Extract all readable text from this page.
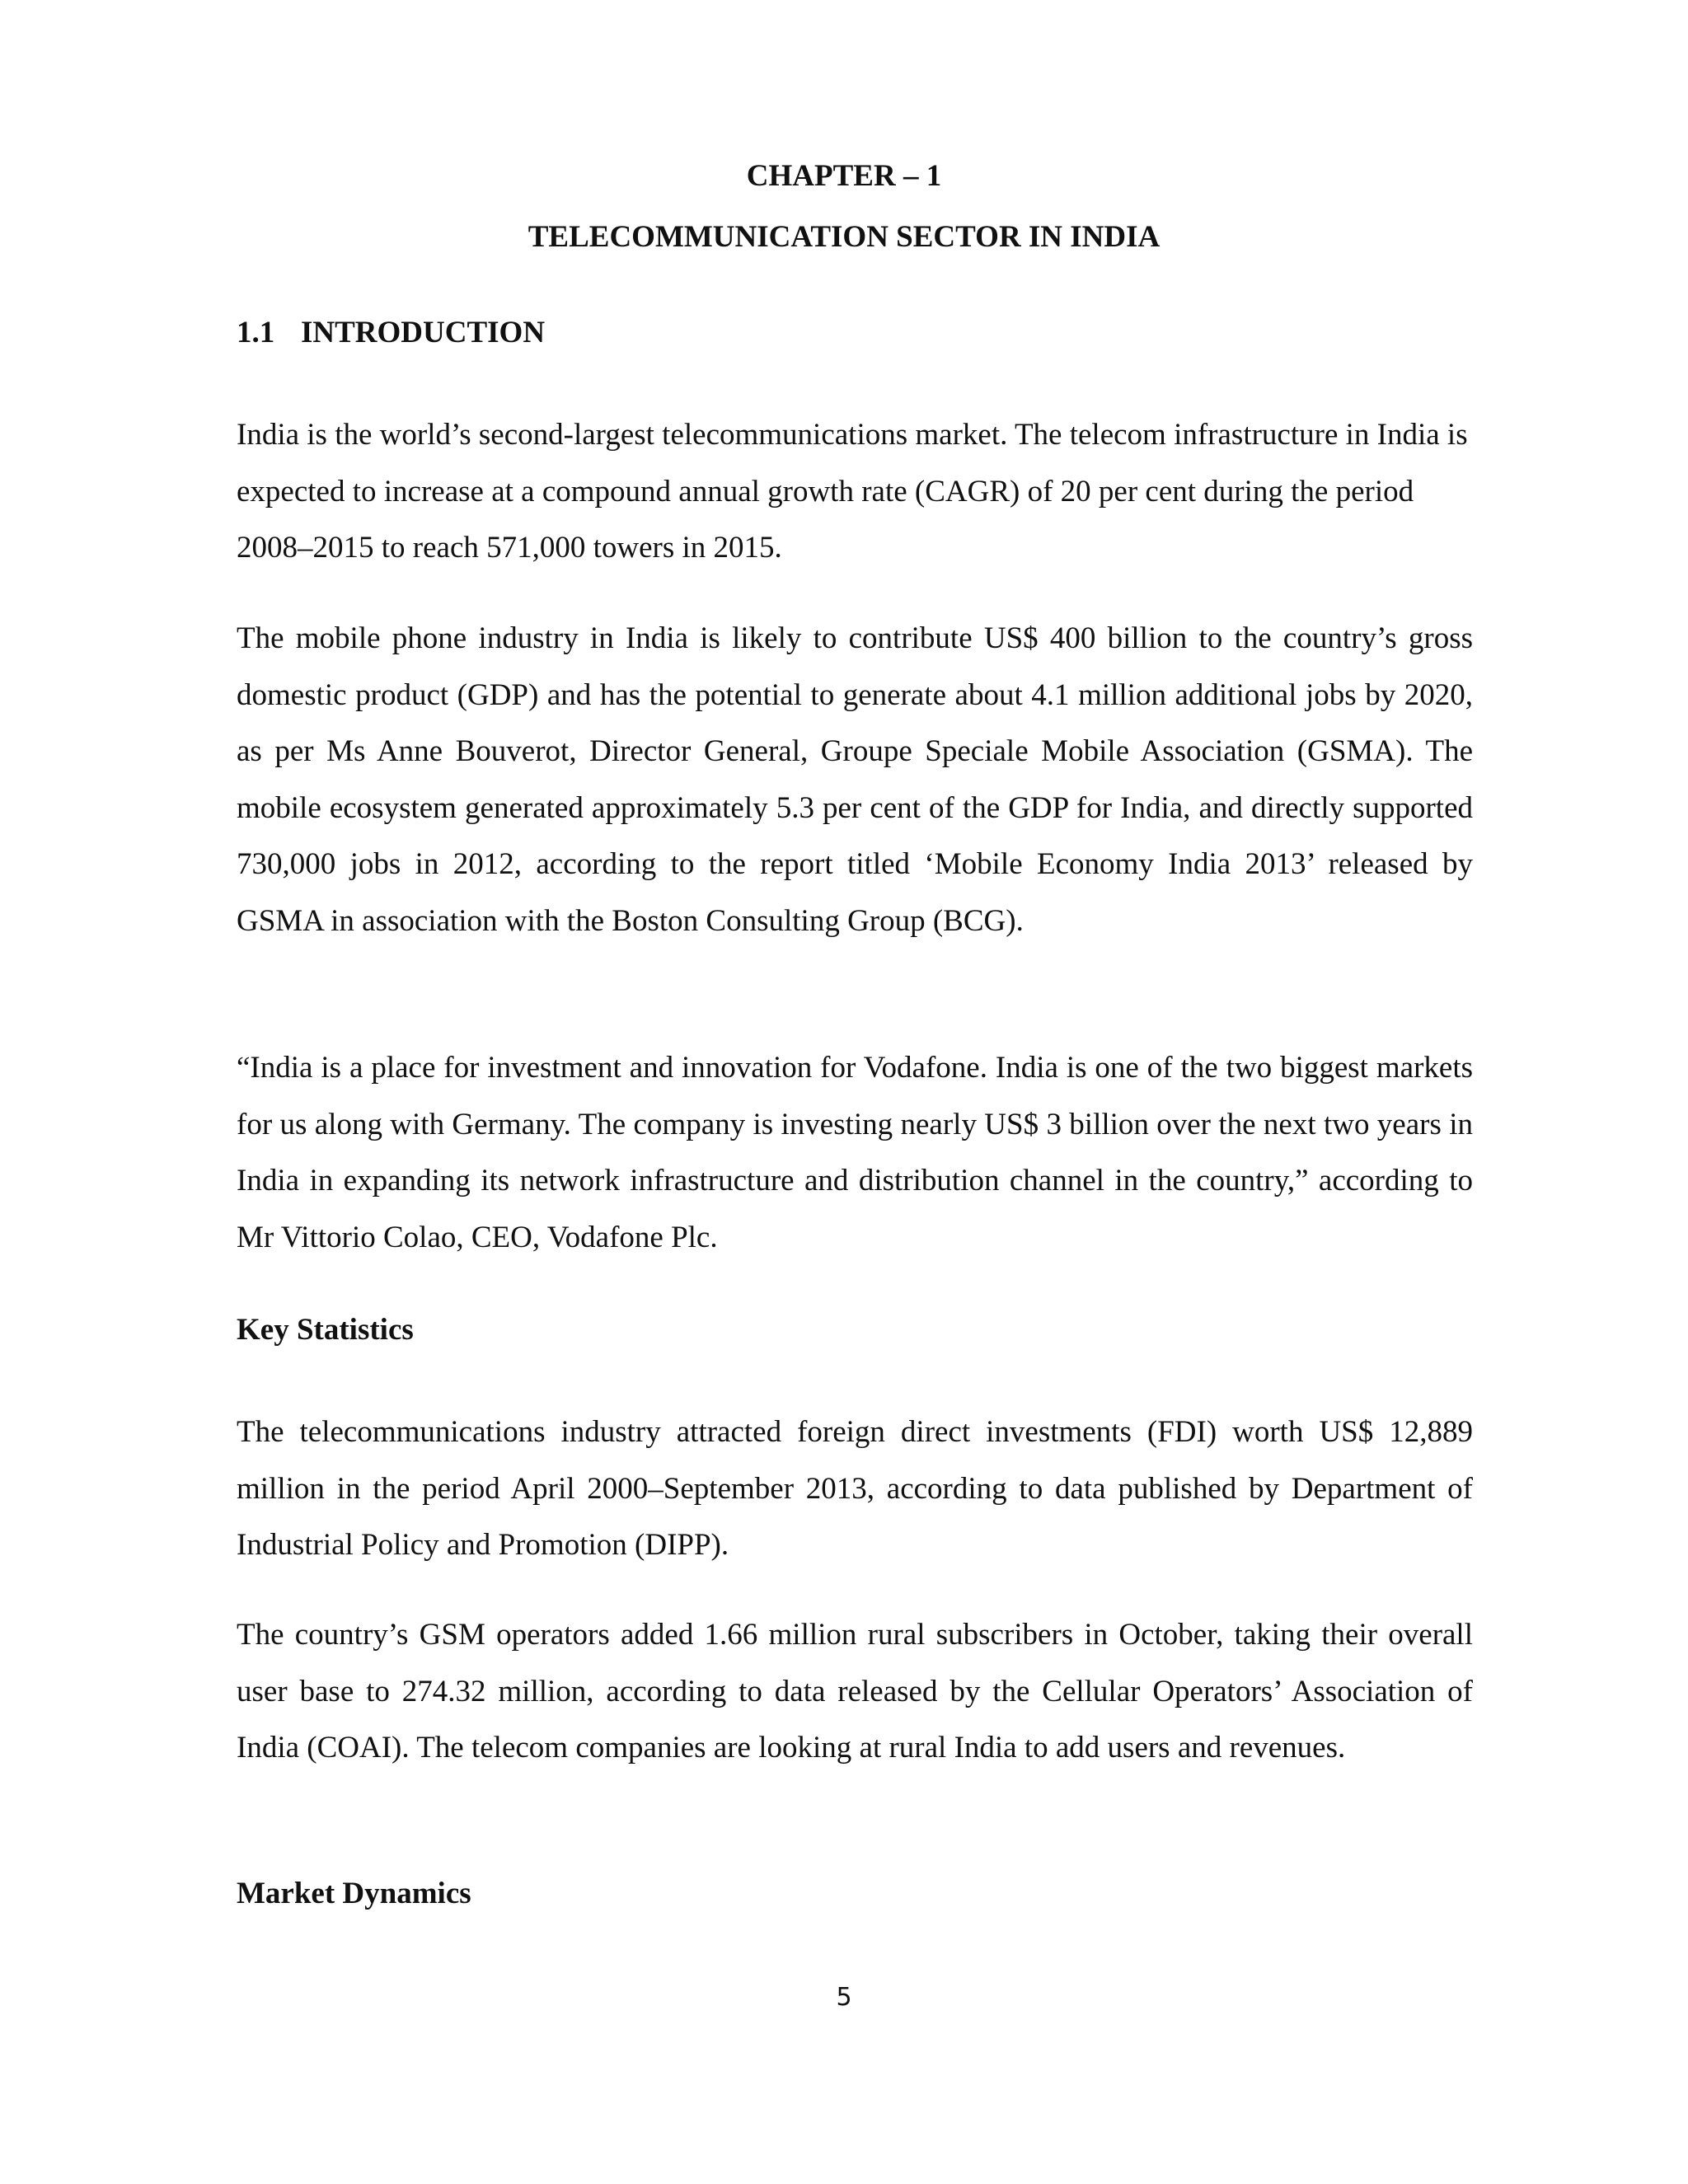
CHAPTER – 1
TELECOMMUNICATION SECTOR IN INDIA
1.1 INTRODUCTION

India is the world’s second-largest telecommunications market. The telecom infrastructure in India is expected to increase at a compound annual growth rate (CAGR) of 20 per cent during the period 2008–2015 to reach 571,000 towers in 2015.

The mobile phone industry in India is likely to contribute US$ 400 billion to the country’s gross domestic product (GDP) and has the potential to generate about 4.1 million additional jobs by 2020, as per Ms Anne Bouverot, Director General, Groupe Speciale Mobile Association (GSMA). The mobile ecosystem generated approximately 5.3 per cent of the GDP for India, and directly supported 730,000 jobs in 2012, according to the report titled ‘Mobile Economy India 2013’ released by GSMA in association with the Boston Consulting Group (BCG).

“India is a place for investment and innovation for Vodafone. India is one of the two biggest markets for us along with Germany. The company is investing nearly US$ 3 billion over the next two years in India in expanding its network infrastructure and distribution channel in the country,” according to Mr Vittorio Colao, CEO, Vodafone Plc.

Key Statistics

The telecommunications industry attracted foreign direct investments (FDI) worth US$ 12,889 million in the period April 2000–September 2013, according to data published by Department of Industrial Policy and Promotion (DIPP).

The country’s GSM operators added 1.66 million rural subscribers in October, taking their overall user base to 274.32 million, according to data released by the Cellular Operators’ Association of India (COAI). The telecom companies are looking at rural India to add users and revenues.

Market Dynamics
5
